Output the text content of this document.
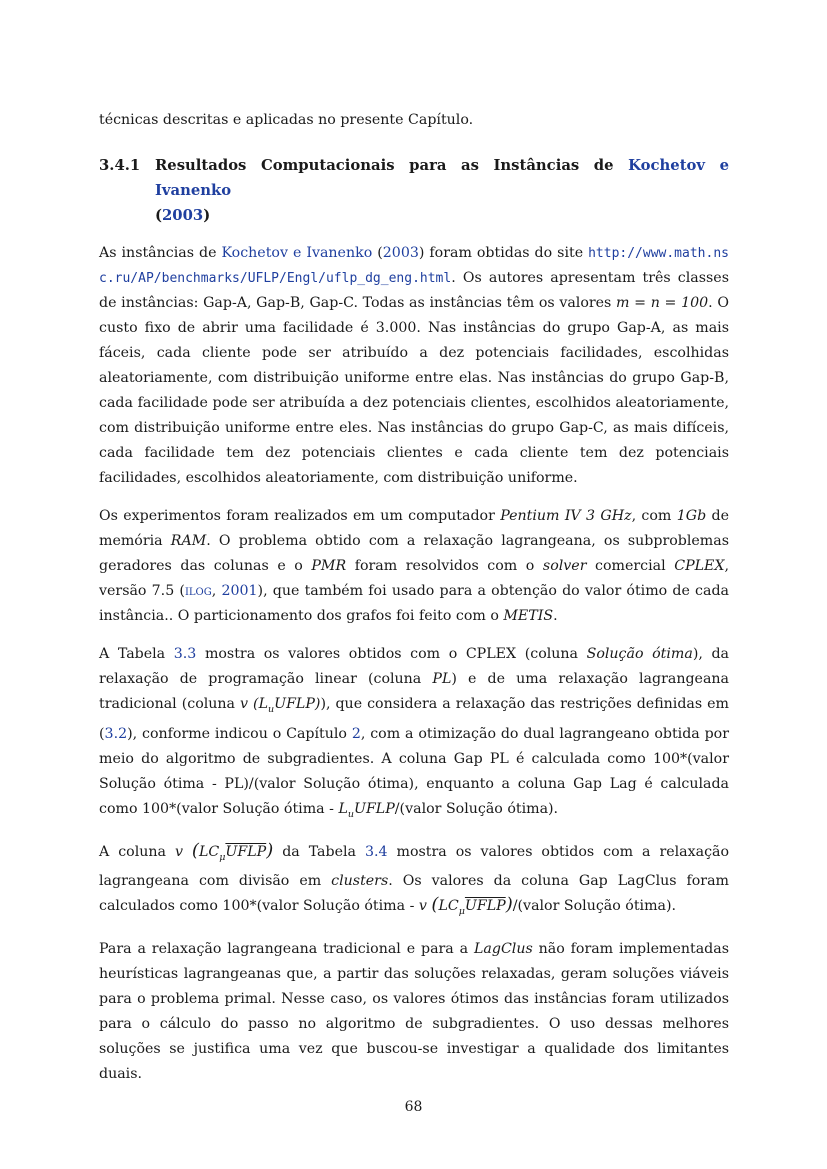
técnicas descritas e aplicadas no presente Capítulo.

3.4.1 Resultados Computacionais para as Instâncias de Kochetov e Ivanenko
(2003)

As instâncias de Kochetov e Ivanenko (2003) foram obtidas do site http://www.math.nsc.ru/AP/benchmarks/UFLP/Engl/uflp_dg_eng.html. Os autores apresentam três classes de instâncias: Gap-A, Gap-B, Gap-C. Todas as instâncias têm os valores m = n = 100. O custo fixo de abrir uma facilidade é 3.000. Nas instâncias do grupo Gap-A, as mais fáceis, cada cliente pode ser atribuído a dez potenciais facilidades, escolhidas aleatoriamente, com distribuição uniforme entre elas. Nas instâncias do grupo Gap-B, cada facilidade pode ser atribuída a dez potenciais clientes, escolhidos aleatoriamente, com distribuição uniforme entre eles. Nas instâncias do grupo Gap-C, as mais difíceis, cada facilidade tem dez potenciais clientes e cada cliente tem dez potenciais facilidades, escolhidos aleatoriamente, com distribuição uniforme.

Os experimentos foram realizados em um computador Pentium IV 3 GHz, com 1Gb de memória RAM. O problema obtido com a relaxação lagrangeana, os subproblemas geradores das colunas e o PMR foram resolvidos com o solver comercial CPLEX, versão 7.5 (ilog, 2001), que também foi usado para a obtenção do valor ótimo de cada instância.. O particionamento dos grafos foi feito com o METIS.

A Tabela 3.3 mostra os valores obtidos com o CPLEX (coluna Solução ótima), da relaxação de programação linear (coluna PL) e de uma relaxação lagrangeana tradicional (coluna v $(L_uUFLP)$), que considera a relaxação das restrições definidas em (3.2), conforme indicou o Capítulo 2, com a otimização do dual lagrangeano obtida por meio do algoritmo de subgradientes. A coluna Gap PL é calculada como 100*(valor Solução ótima - PL)/(valor Solução ótima), enquanto a coluna Gap Lag é calculada como 100*(valor Solução ótima - $L_uUFLP/(valor$ Solução ótima).

A coluna v $(LC_\mu UFLP)$ da Tabela 3.4 mostra os valores obtidos com a relaxação lagrangeana com divisão em clusters. Os valores da coluna Gap LagClus foram calculados como 100*(valor Solução ótima - v $(LC_\mu UFLP)/(valor$ Solução ótima).

Para a relaxação lagrangeana tradicional e para a LagClus não foram implementadas heurísticas lagrangeanas que, a partir das soluções relaxadas, geram soluções viáveis para o problema primal. Nesse caso, os valores ótimos das instâncias foram utilizados para o cálculo do passo no algoritmo de subgradientes. O uso dessas melhores soluções se justifica uma vez que buscou-se investigar a qualidade dos limitantes duais.

68
